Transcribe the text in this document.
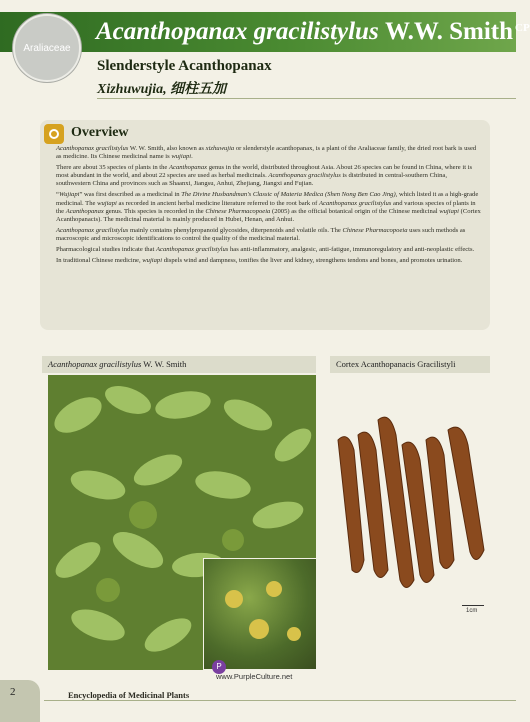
Araliaceae
Acanthopanax gracilistylus W.W. Smith $^{CP}$
Slenderstyle Acanthopanax
Xizhuwujia, 细柱五加
Overview

Acanthopanax gracilistylus W. W. Smith, also known as xizhuwujia or slenderstyle acanthopanax, is a plant of the Araliaceae family, the dried root bark is used as medicine. Its Chinese medicinal name is wujiapi.

There are about 35 species of plants in the Acanthopanax genus in the world, distributed throughout Asia. About 26 species can be found in China, where it is most abundant in the world, and about 22 species are used as herbal medicinals. Acanthopanax gracilistylus is distributed in central-southern China, southwestern China and provinces such as Shaanxi, Jiangsu, Anhui, Zhejiang, Jiangxi and Fujian.

“Wujiapi” was first described as a medicinal in The Divine Husbandman's Classic of Materia Medica (Shen Nong Ben Cao Jing), which listed it as a high-grade medicinal. The wujiapi as recorded in ancient herbal medicine literature referred to the root bark of Acanthopanax gracilistylus and various species of plants in the Acanthopanax genus. This species is recorded in the Chinese Pharmacopoeia (2005) as the official botanical origin of the Chinese medicinal wujiapi (Cortex Acanthopanacis). The medicinal material is mainly produced in Hubei, Henan, and Anhui.

Acanthopanax gracilistylus mainly contains phenylpropanoid glycosides, diterpenoids and volatile oils. The Chinese Pharmacopoeia uses such methods as macroscopic and microscopic identifications to control the quality of the medicinal material.

Pharmacological studies indicate that Acanthopanax gracilistylus has anti-inflammatory, analgesic, anti-fatigue, immunoregulatory and anti-neoplastic effects.

In traditional Chinese medicine, wujiapi dispels wind and dampness, tonifies the liver and kidney, strengthens tendons and bones, and promotes urination.

Acanthopanax gracilistylus W. W. Smith	Cortex Acanthopanacis Gracilistyli
1cm
P
www.PurpleCulture.net
2	Encyclopedia of Medicinal Plants
